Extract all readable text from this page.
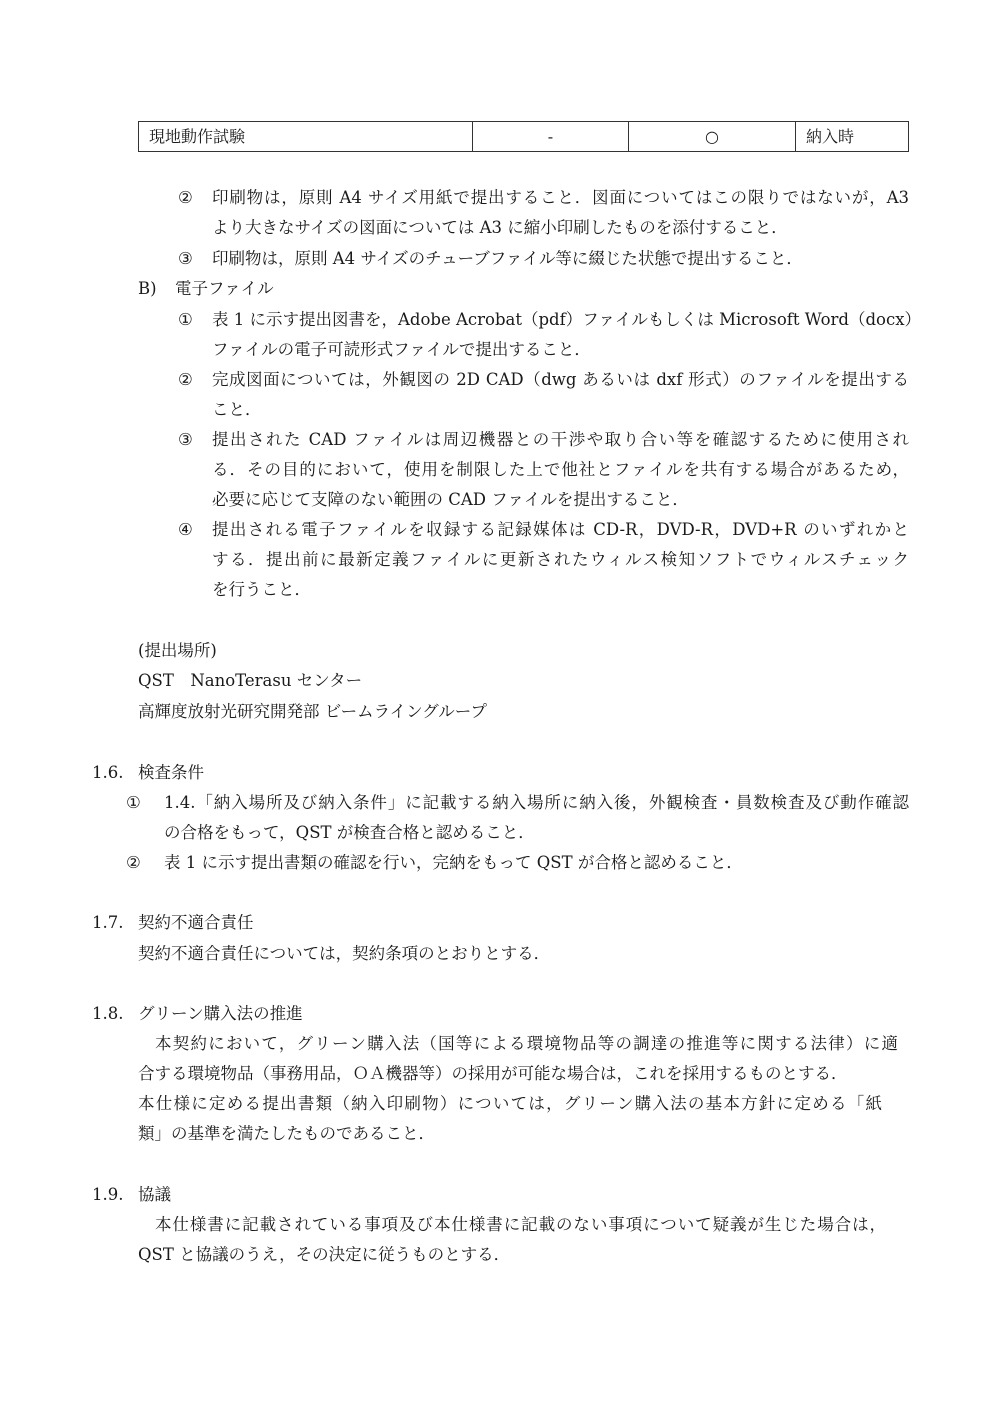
現地動作試験	-	○	納入時
② 印刷物は，原則 A4 サイズ用紙で提出すること．図面についてはこの限りではないが，A3
より大きなサイズの図面については A3 に縮小印刷したものを添付すること．
③ 印刷物は，原則 A4 サイズのチューブファイル等に綴じた状態で提出すること．
B) 電子ファイル
① 表 1 に示す提出図書を，Adobe Acrobat（pdf）ファイルもしくは Microsoft Word（docx）
ファイルの電子可読形式ファイルで提出すること．
② 完成図面については，外観図の 2D CAD（dwg あるいは dxf 形式）のファイルを提出する
こと．
③ 提出された CAD ファイルは周辺機器との干渉や取り合い等を確認するために使用され
る．その目的において，使用を制限した上で他社とファイルを共有する場合があるため，
必要に応じて支障のない範囲の CAD ファイルを提出すること．
④ 提出される電子ファイルを収録する記録媒体は CD-R，DVD-R，DVD+R のいずれかと
する．提出前に最新定義ファイルに更新されたウィルス検知ソフトでウィルスチェック
を行うこと．
(提出場所)
QST　NanoTerasu センター
高輝度放射光研究開発部 ビームライングループ
1.6. 検査条件
① 1.4.「納入場所及び納入条件」に記載する納入場所に納入後，外観検査・員数検査及び動作確認
の合格をもって，QST が検査合格と認めること．
② 表 1 に示す提出書類の確認を行い，完納をもって QST が合格と認めること．
1.7. 契約不適合責任
契約不適合責任については，契約条項のとおりとする．
1.8. グリーン購入法の推進
本契約において，グリーン購入法（国等による環境物品等の調達の推進等に関する法律）に適
合する環境物品（事務用品，ＯＡ機器等）の採用が可能な場合は，これを採用するものとする．
本仕様に定める提出書類（納入印刷物）については，グリーン購入法の基本方針に定める「紙
類」の基準を満たしたものであること．
1.9. 協議
本仕様書に記載されている事項及び本仕様書に記載のない事項について疑義が生じた場合は，
QST と協議のうえ，その決定に従うものとする．
